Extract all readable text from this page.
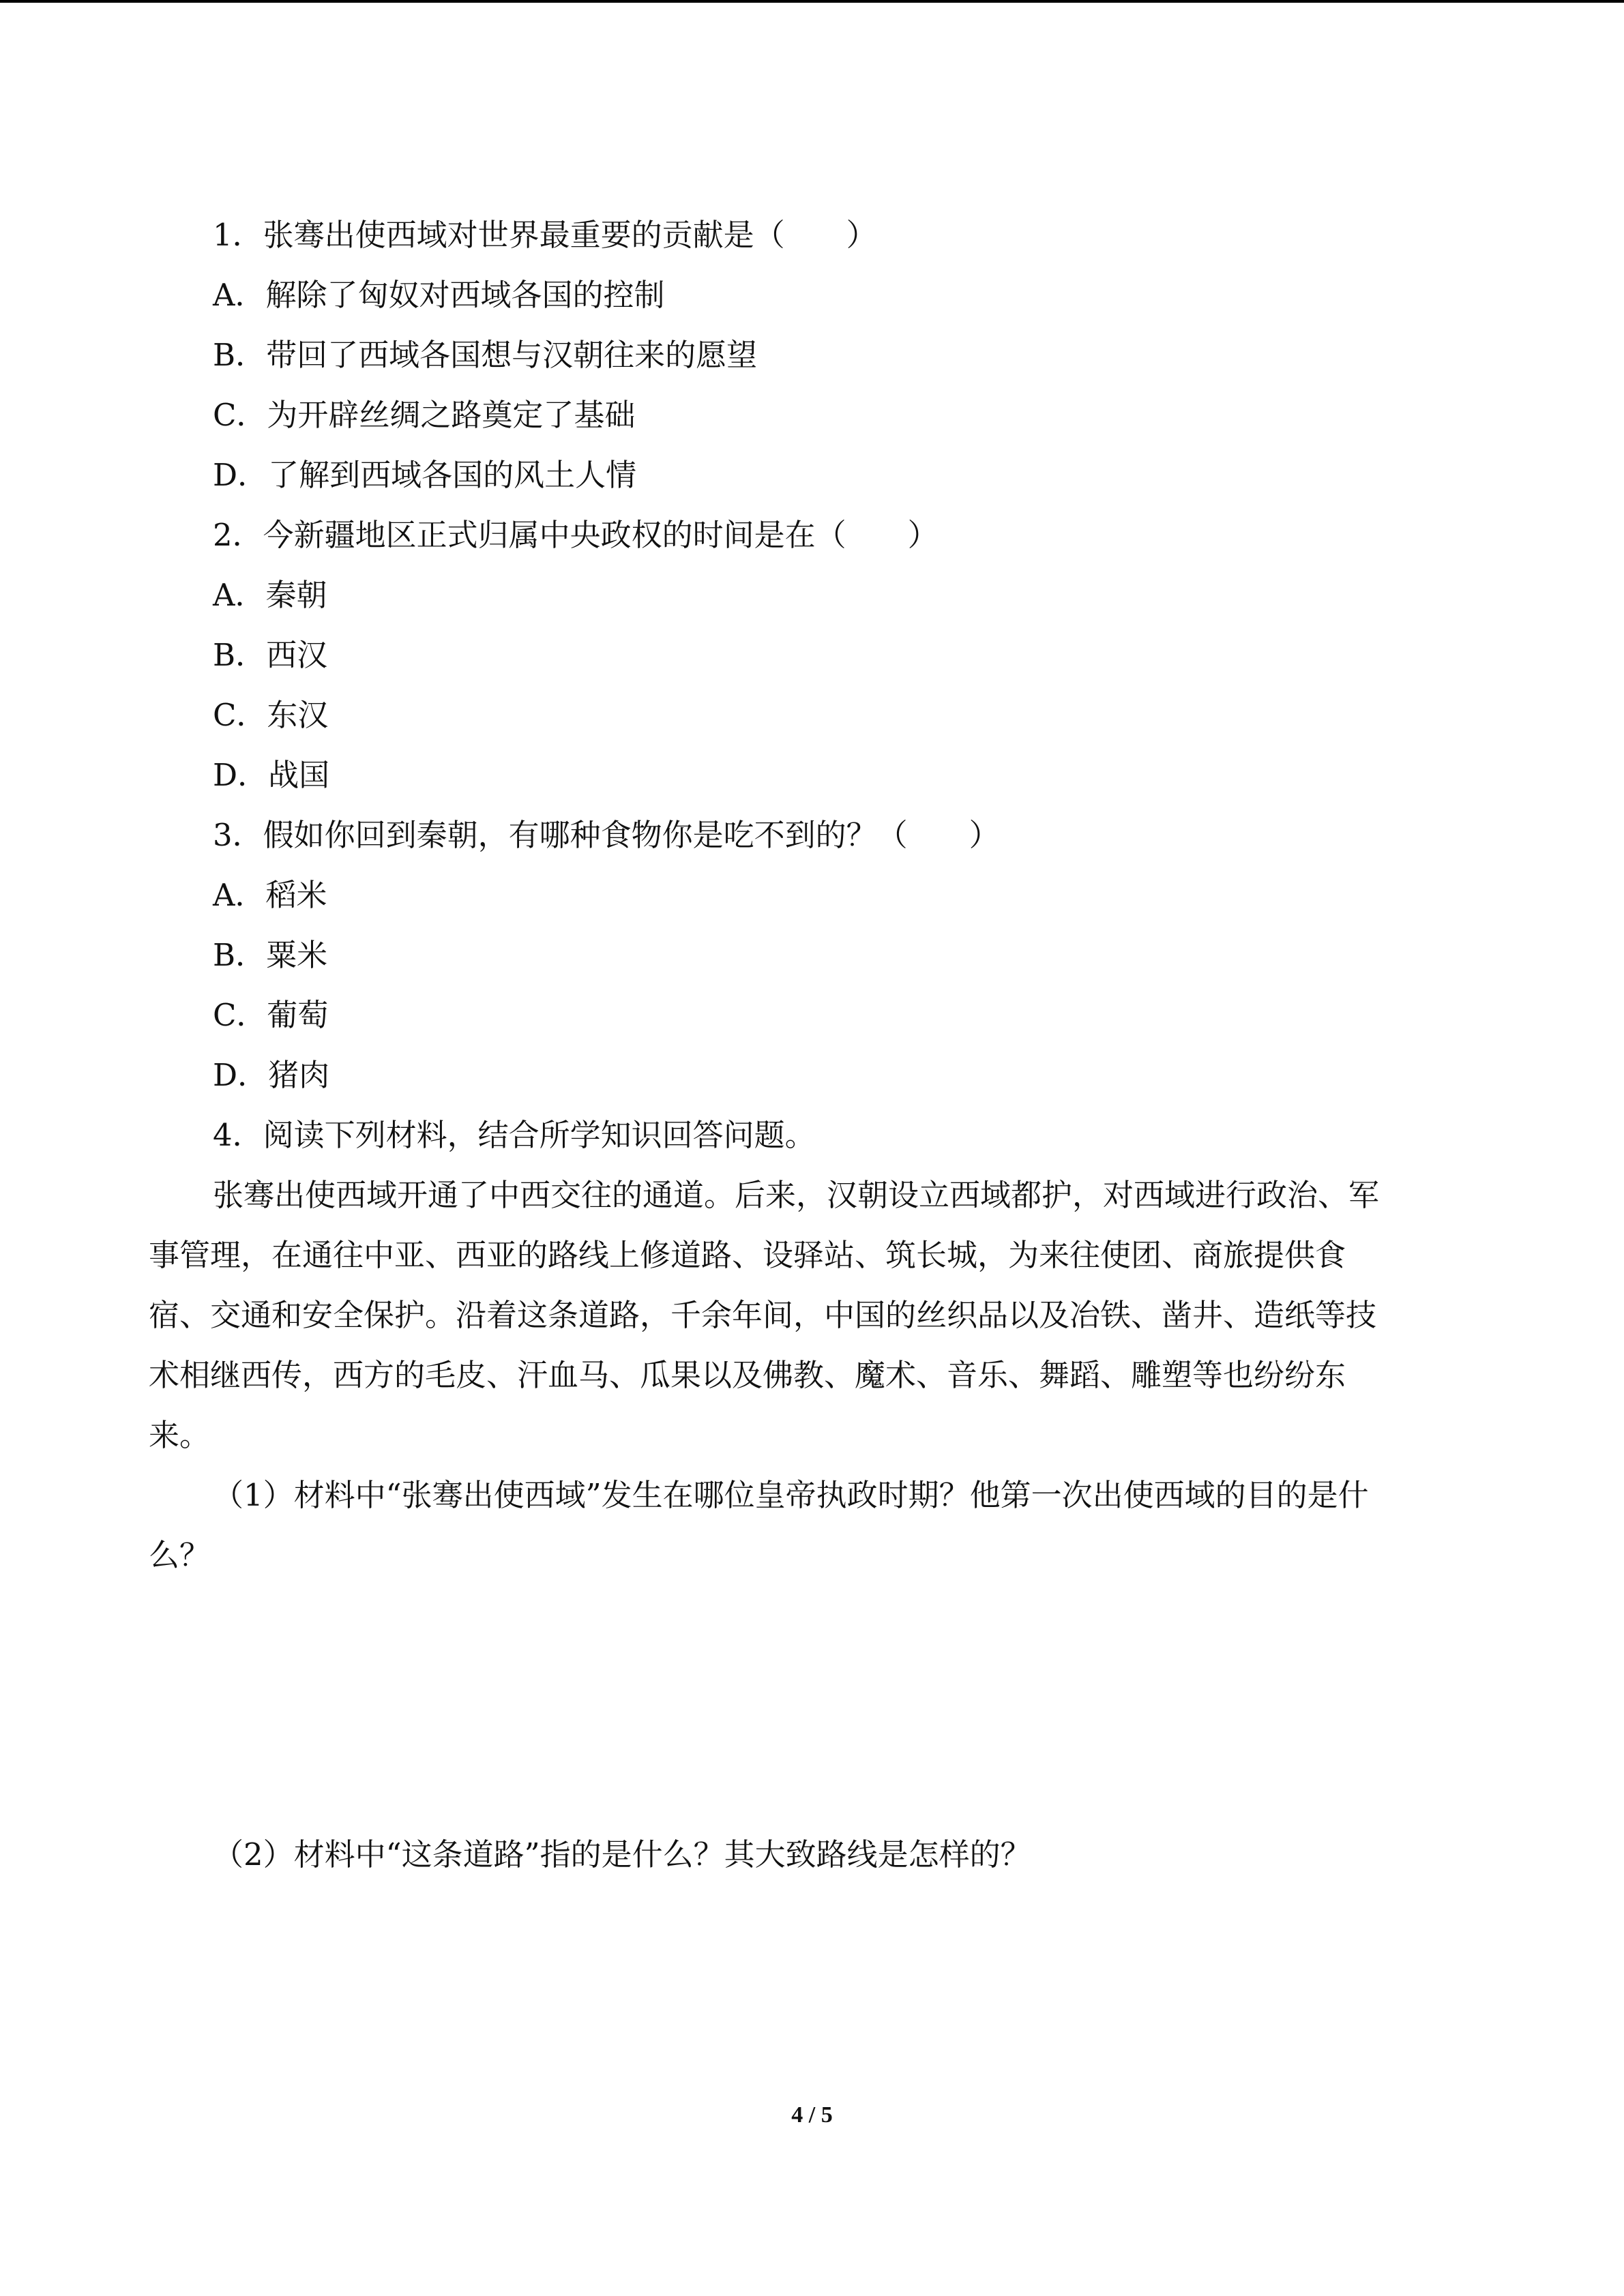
1．张骞出使西域对世界最重要的贡献是（　　）
A．解除了匈奴对西域各国的控制
B．带回了西域各国想与汉朝往来的愿望
C．为开辟丝绸之路奠定了基础
D．了解到西域各国的风土人情
2．今新疆地区正式归属中央政权的时间是在（　　）
A．秦朝
B．西汉
C．东汉
D．战国
3．假如你回到秦朝，有哪种食物你是吃不到的？（　　）
A．稻米
B．粟米
C．葡萄
D．猪肉
4．阅读下列材料，结合所学知识回答问题。
张骞出使西域开通了中西交往的通道。后来，汉朝设立西域都护，对西域进行政治、军
事管理，在通往中亚、西亚的路线上修道路、设驿站、筑长城，为来往使团、商旅提供食
宿、交通和安全保护。沿着这条道路，千余年间，中国的丝织品以及冶铁、凿井、造纸等技
术相继西传，西方的毛皮、汗血马、瓜果以及佛教、魔术、音乐、舞蹈、雕塑等也纷纷东
来。
（1）材料中“张骞出使西域”发生在哪位皇帝执政时期？他第一次出使西域的目的是什
么？
（2）材料中“这条道路”指的是什么？其大致路线是怎样的？
4 / 5
